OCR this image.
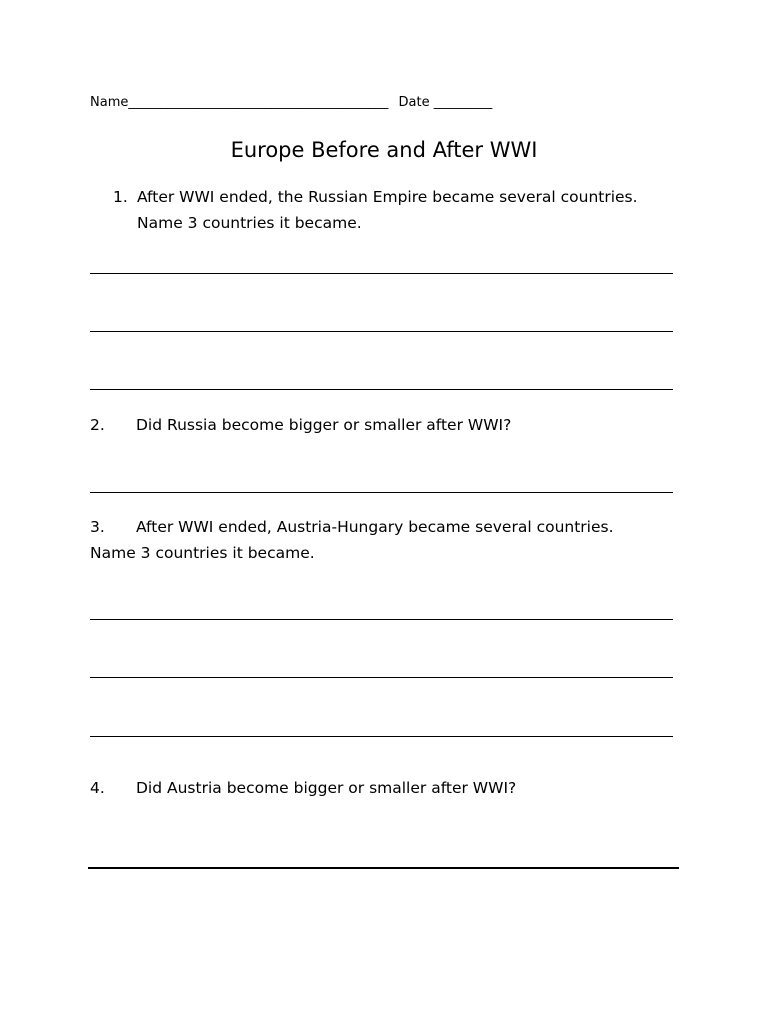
Name________________________________________ Date _________
Europe Before and After WWI
1. After WWI ended, the Russian Empire became several countries.
Name 3 countries it became.
2. Did Russia become bigger or smaller after WWI?
3. After WWI ended, Austria-Hungary became several countries.
Name 3 countries it became.
4. Did Austria become bigger or smaller after WWI?
